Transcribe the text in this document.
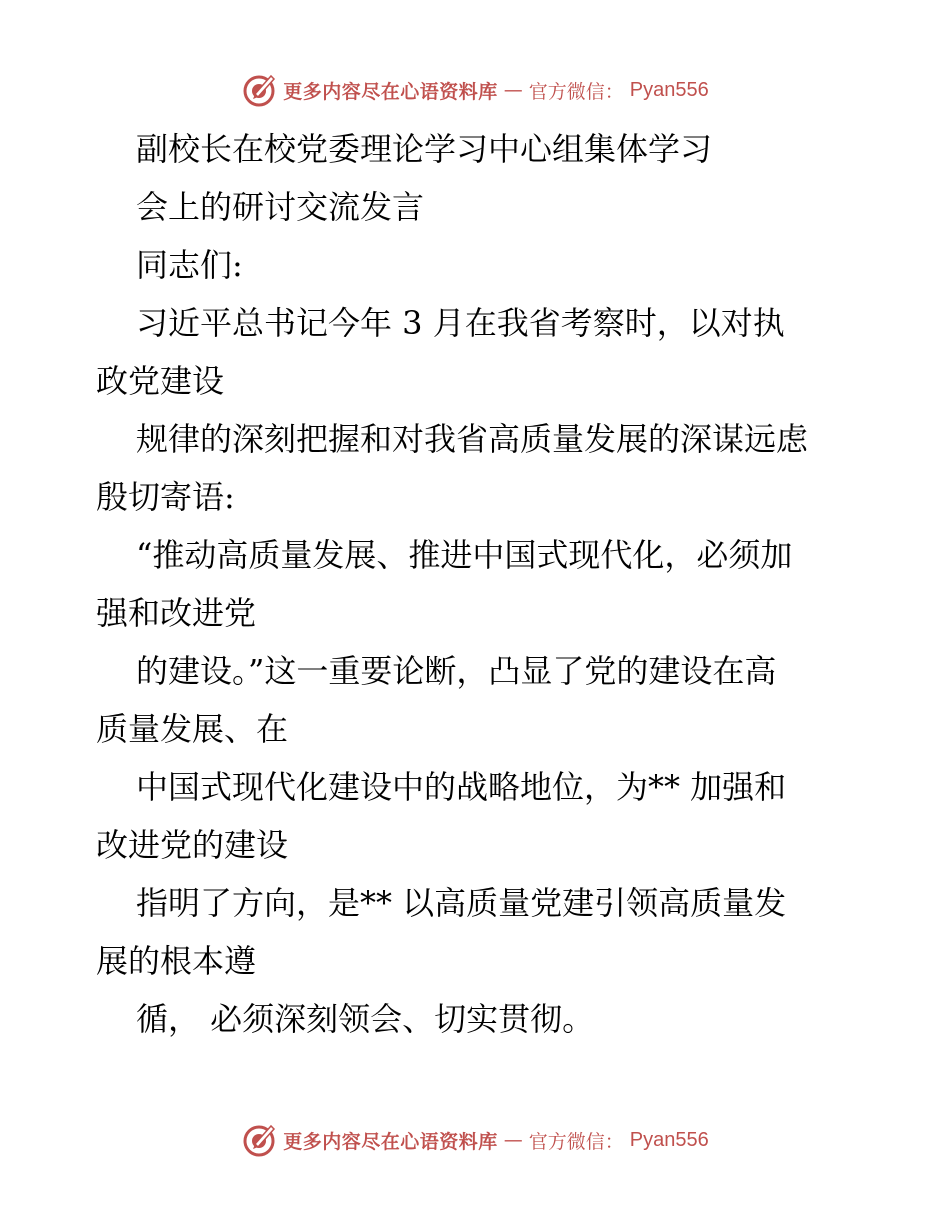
更多内容尽在心语资料库 — 官方微信： Pyan556

副校长在校党委理论学习中心组集体学习

会上的研讨交流发言

同志们:

习近平总书记今年 3 月在我省考察时，以对执

政党建设

规律的深刻把握和对我省高质量发展的深谋远虑

殷切寄语:

“推动高质量发展、推进中国式现代化，必须加

强和改进党

的建设。”这一重要论断，凸显了党的建设在高

质量发展、在

中国式现代化建设中的战略地位，为** 加强和

改进党的建设

指明了方向，是** 以高质量党建引领高质量发

展的根本遵

循， 必须深刻领会、切实贯彻。

更多内容尽在心语资料库 — 官方微信： Pyan556
